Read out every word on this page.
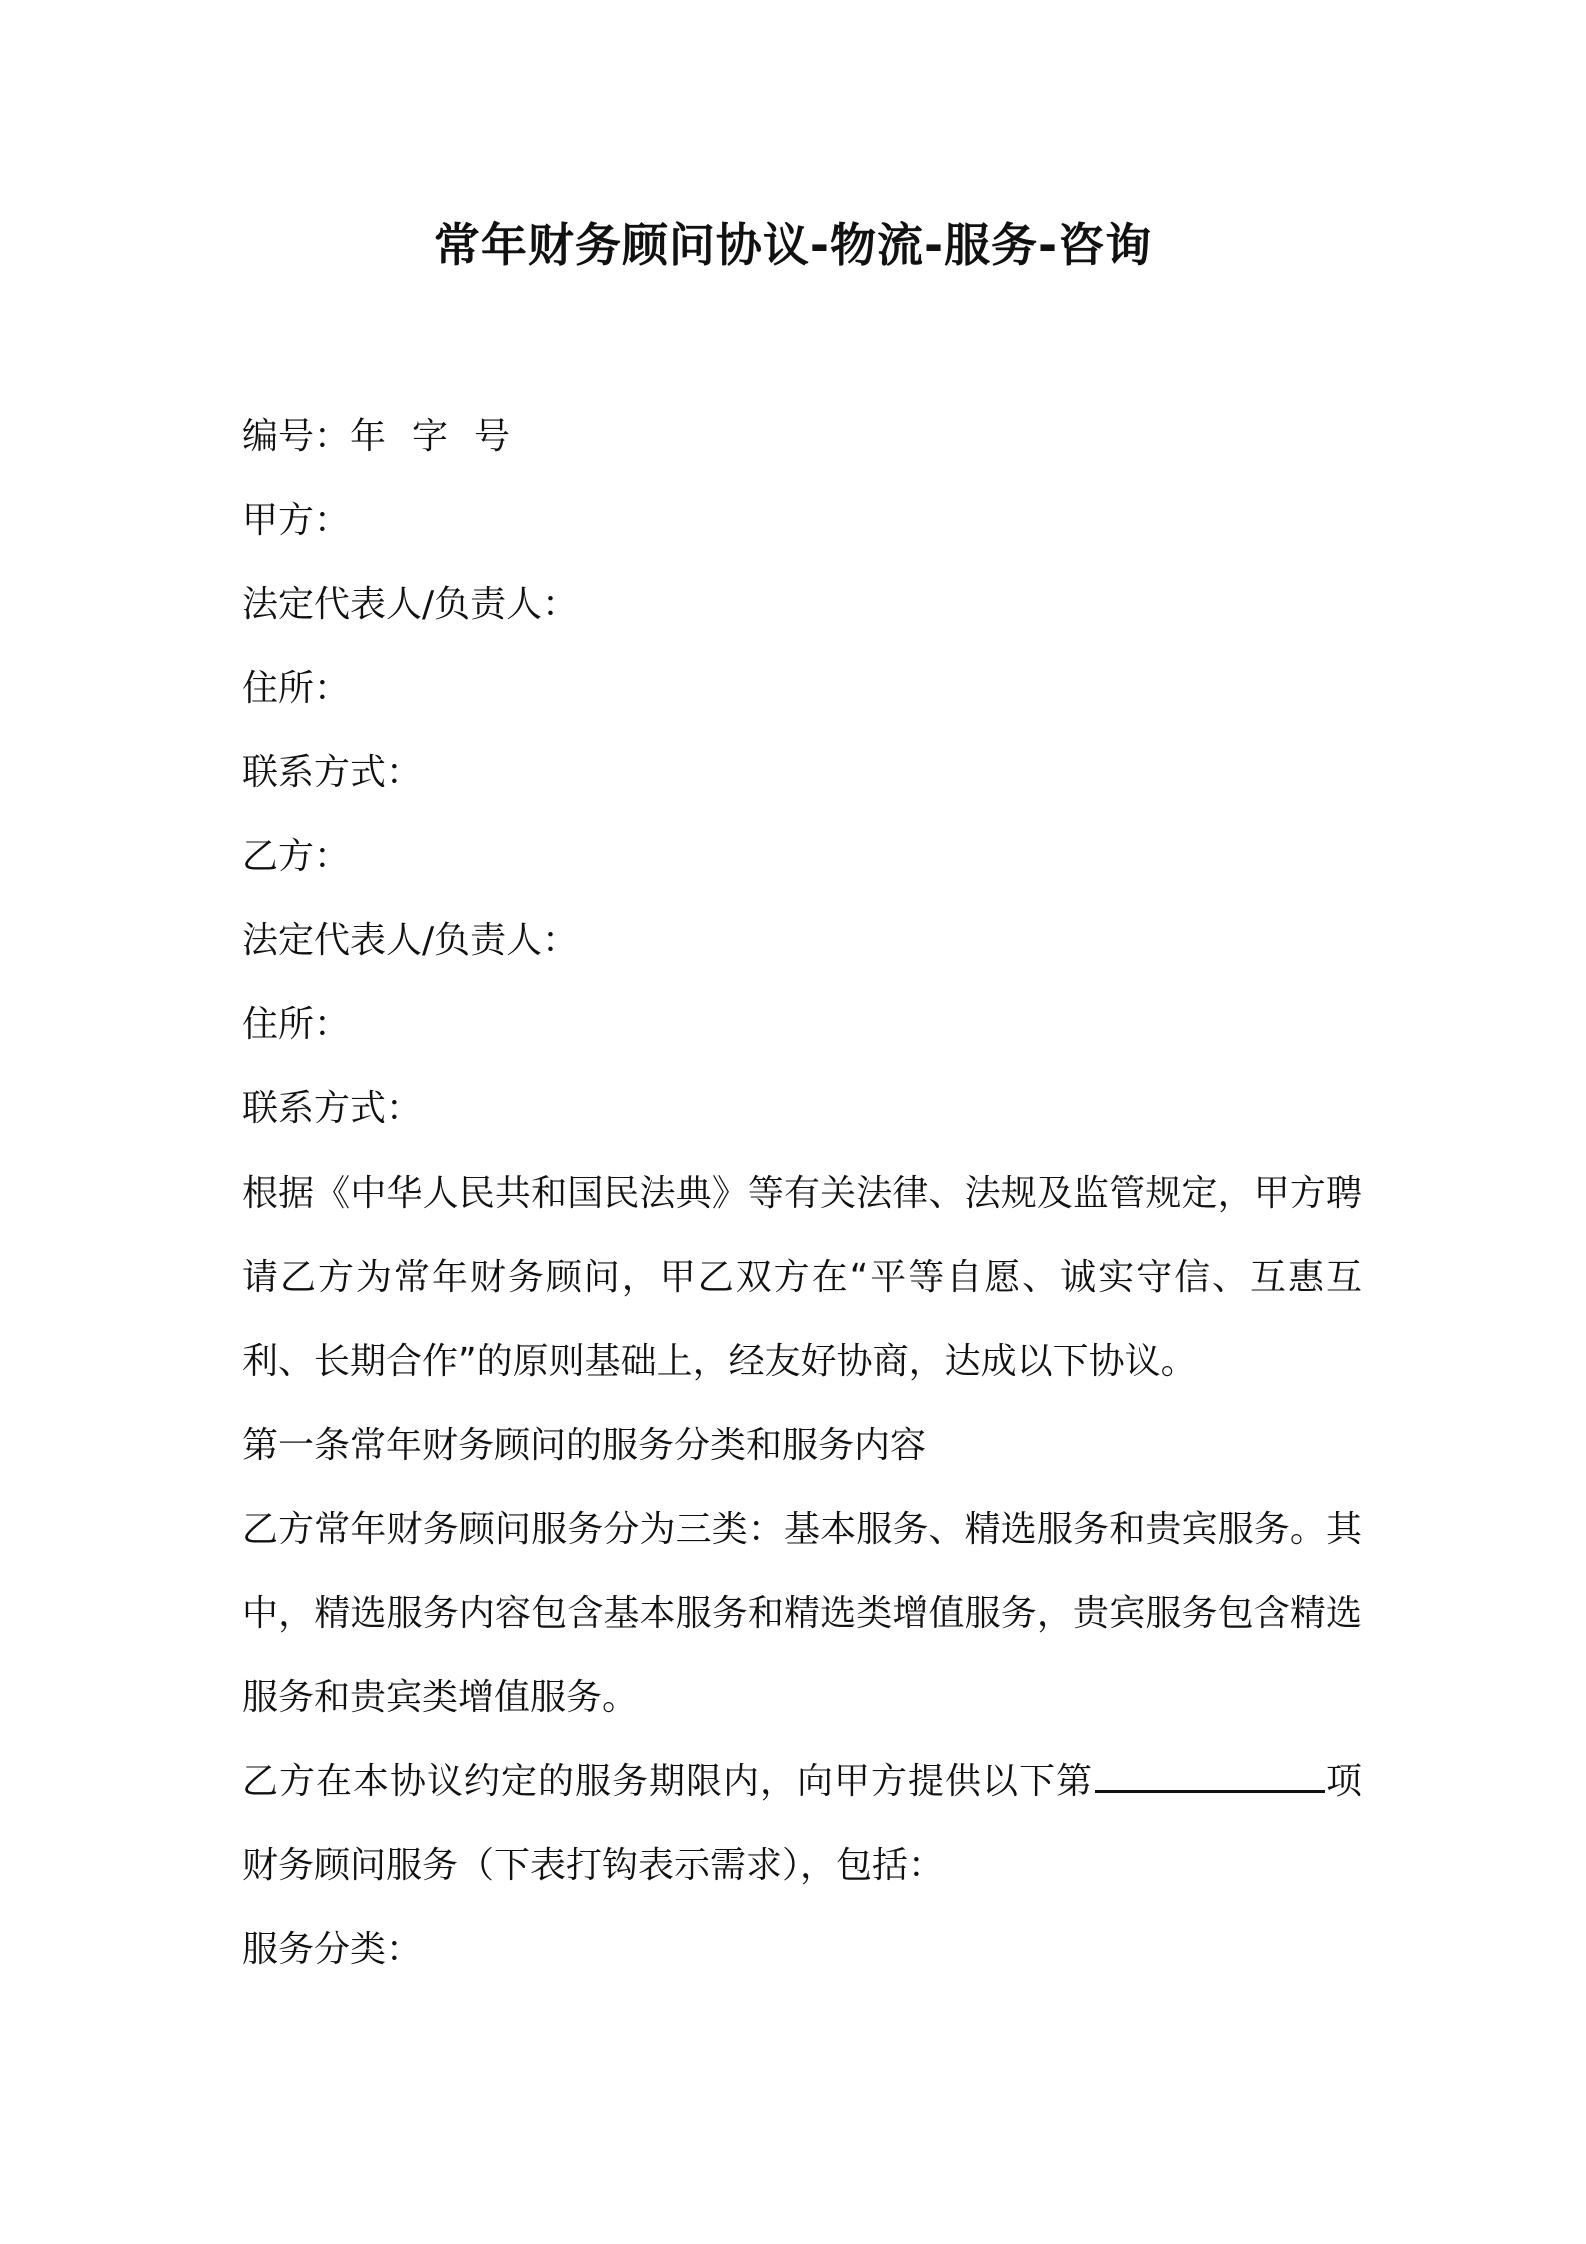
常年财务顾问协议-物流-服务-咨询
编号：年 字 号
甲方：
法定代表人/负责人：
住所：
联系方式：
乙方：
法定代表人/负责人：
住所：
联系方式：

根据《中华人民共和国民法典》等有关法律、法规及监管规定，甲方聘请乙方为常年财务顾问，甲乙双方在“平等自愿、诚实守信、互惠互利、长期合作”的原则基础上，经友好协商，达成以下协议。

第一条常年财务顾问的服务分类和服务内容

乙方常年财务顾问服务分为三类：基本服务、精选服务和贵宾服务。其中，精选服务内容包含基本服务和精选类增值服务，贵宾服务包含精选服务和贵宾类增值服务。

乙方在本协议约定的服务期限内，向甲方提供以下第	项财务顾问服务（下表打钩表示需求），包括：

服务分类：
